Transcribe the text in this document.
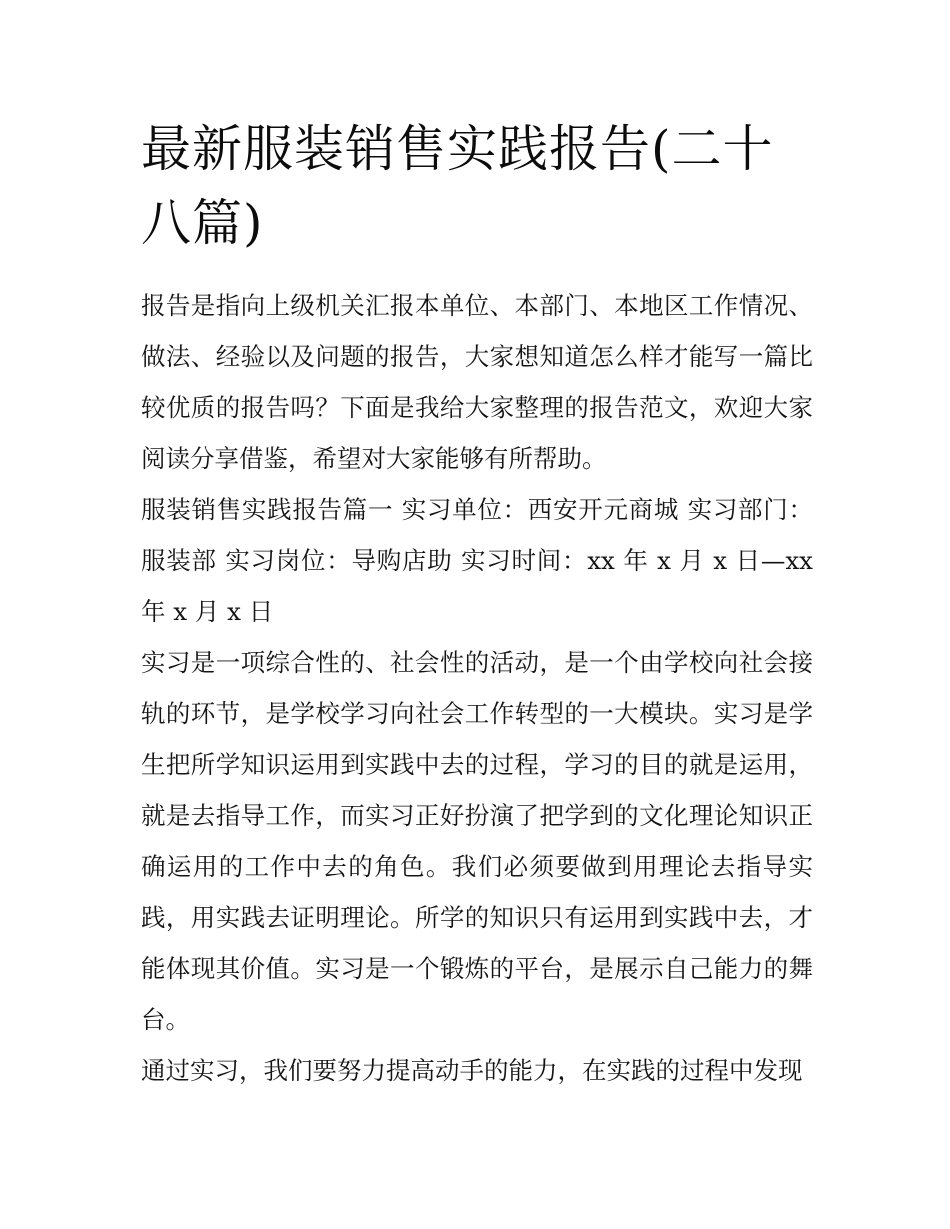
最新服装销售实践报告(二十八篇)

报告是指向上级机关汇报本单位、本部门、本地区工作情况、做法、经验以及问题的报告，大家想知道怎么样才能写一篇比较优质的报告吗？下面是我给大家整理的报告范文，欢迎大家阅读分享借鉴，希望对大家能够有所帮助。

服装销售实践报告篇一 实习单位：西安开元商城 实习部门：服装部 实习岗位：导购店助 实习时间：xx 年 x 月 x 日—xx 年 x 月 x 日

实习是一项综合性的、社会性的活动，是一个由学校向社会接轨的环节，是学校学习向社会工作转型的一大模块。实习是学生把所学知识运用到实践中去的过程，学习的目的就是运用，就是去指导工作，而实习正好扮演了把学到的文化理论知识正确运用的工作中去的角色。我们必须要做到用理论去指导实践，用实践去证明理论。所学的知识只有运用到实践中去，才能体现其价值。实习是一个锻炼的平台，是展示自己能力的舞台。

通过实习，我们要努力提高动手的能力，在实践的过程中发现
